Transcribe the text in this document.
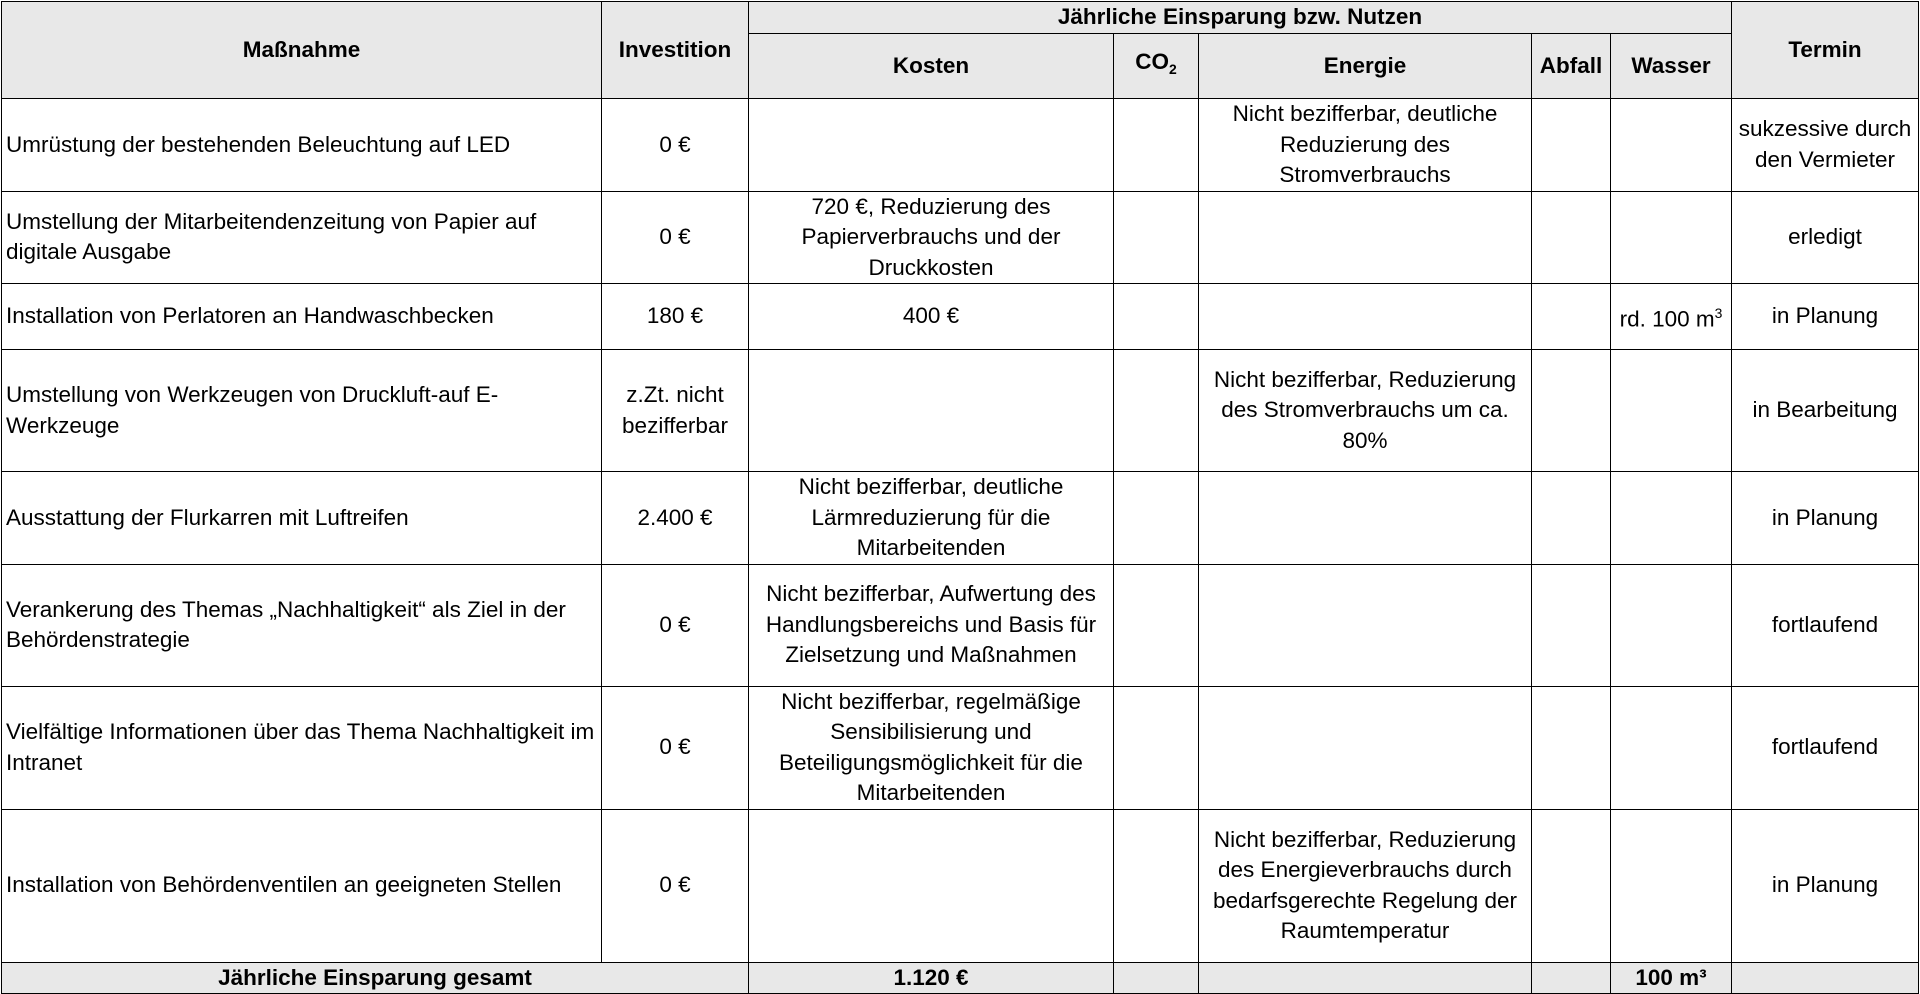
Maßnahme	Investition	Jährliche Einsparung bzw. Nutzen					Termin
		Kosten	$CO_2$	Energie	Abfall	Wasser	
Umrüstung der bestehenden Beleuchtung auf LED	0 €			Nicht bezifferbar, deutliche Reduzierung des Stromverbrauchs			sukzessive durch den Vermieter
Umstellung der Mitarbeitendenzeitung von Papier auf digitale Ausgabe	0 €	720 €, Reduzierung des Papierverbrauchs und der Druckkosten					erledigt
Installation von Perlatoren an Handwaschbecken	180 €	400 €				rd. 100 $m^3$	in Planung
Umstellung von Werkzeugen von Druckluft-auf E-Werkzeuge	z.Zt. nicht bezifferbar			Nicht bezifferbar, Reduzierung des Stromverbrauchs um ca. 80%			in Bearbeitung
Ausstattung der Flurkarren mit Luftreifen	2.400 €	Nicht bezifferbar, deutliche Lärmreduzierung für die Mitarbeitenden					in Planung
Verankerung des Themas „Nachhaltigkeit“ als Ziel in der Behördenstrategie	0 €	Nicht bezifferbar, Aufwertung des Handlungsbereichs und Basis für Zielsetzung und Maßnahmen					fortlaufend
Vielfältige Informationen über das Thema Nachhaltigkeit im Intranet	0 €	Nicht bezifferbar, regelmäßige Sensibilisierung und Beteiligungsmöglichkeit für die Mitarbeitenden					fortlaufend
Installation von Behördenventilen an geeigneten Stellen	0 €			Nicht bezifferbar, Reduzierung des Energieverbrauchs durch bedarfsgerechte Regelung der Raumtemperatur			in Planung
Jährliche Einsparung gesamt		1.120 €				100 m³	
